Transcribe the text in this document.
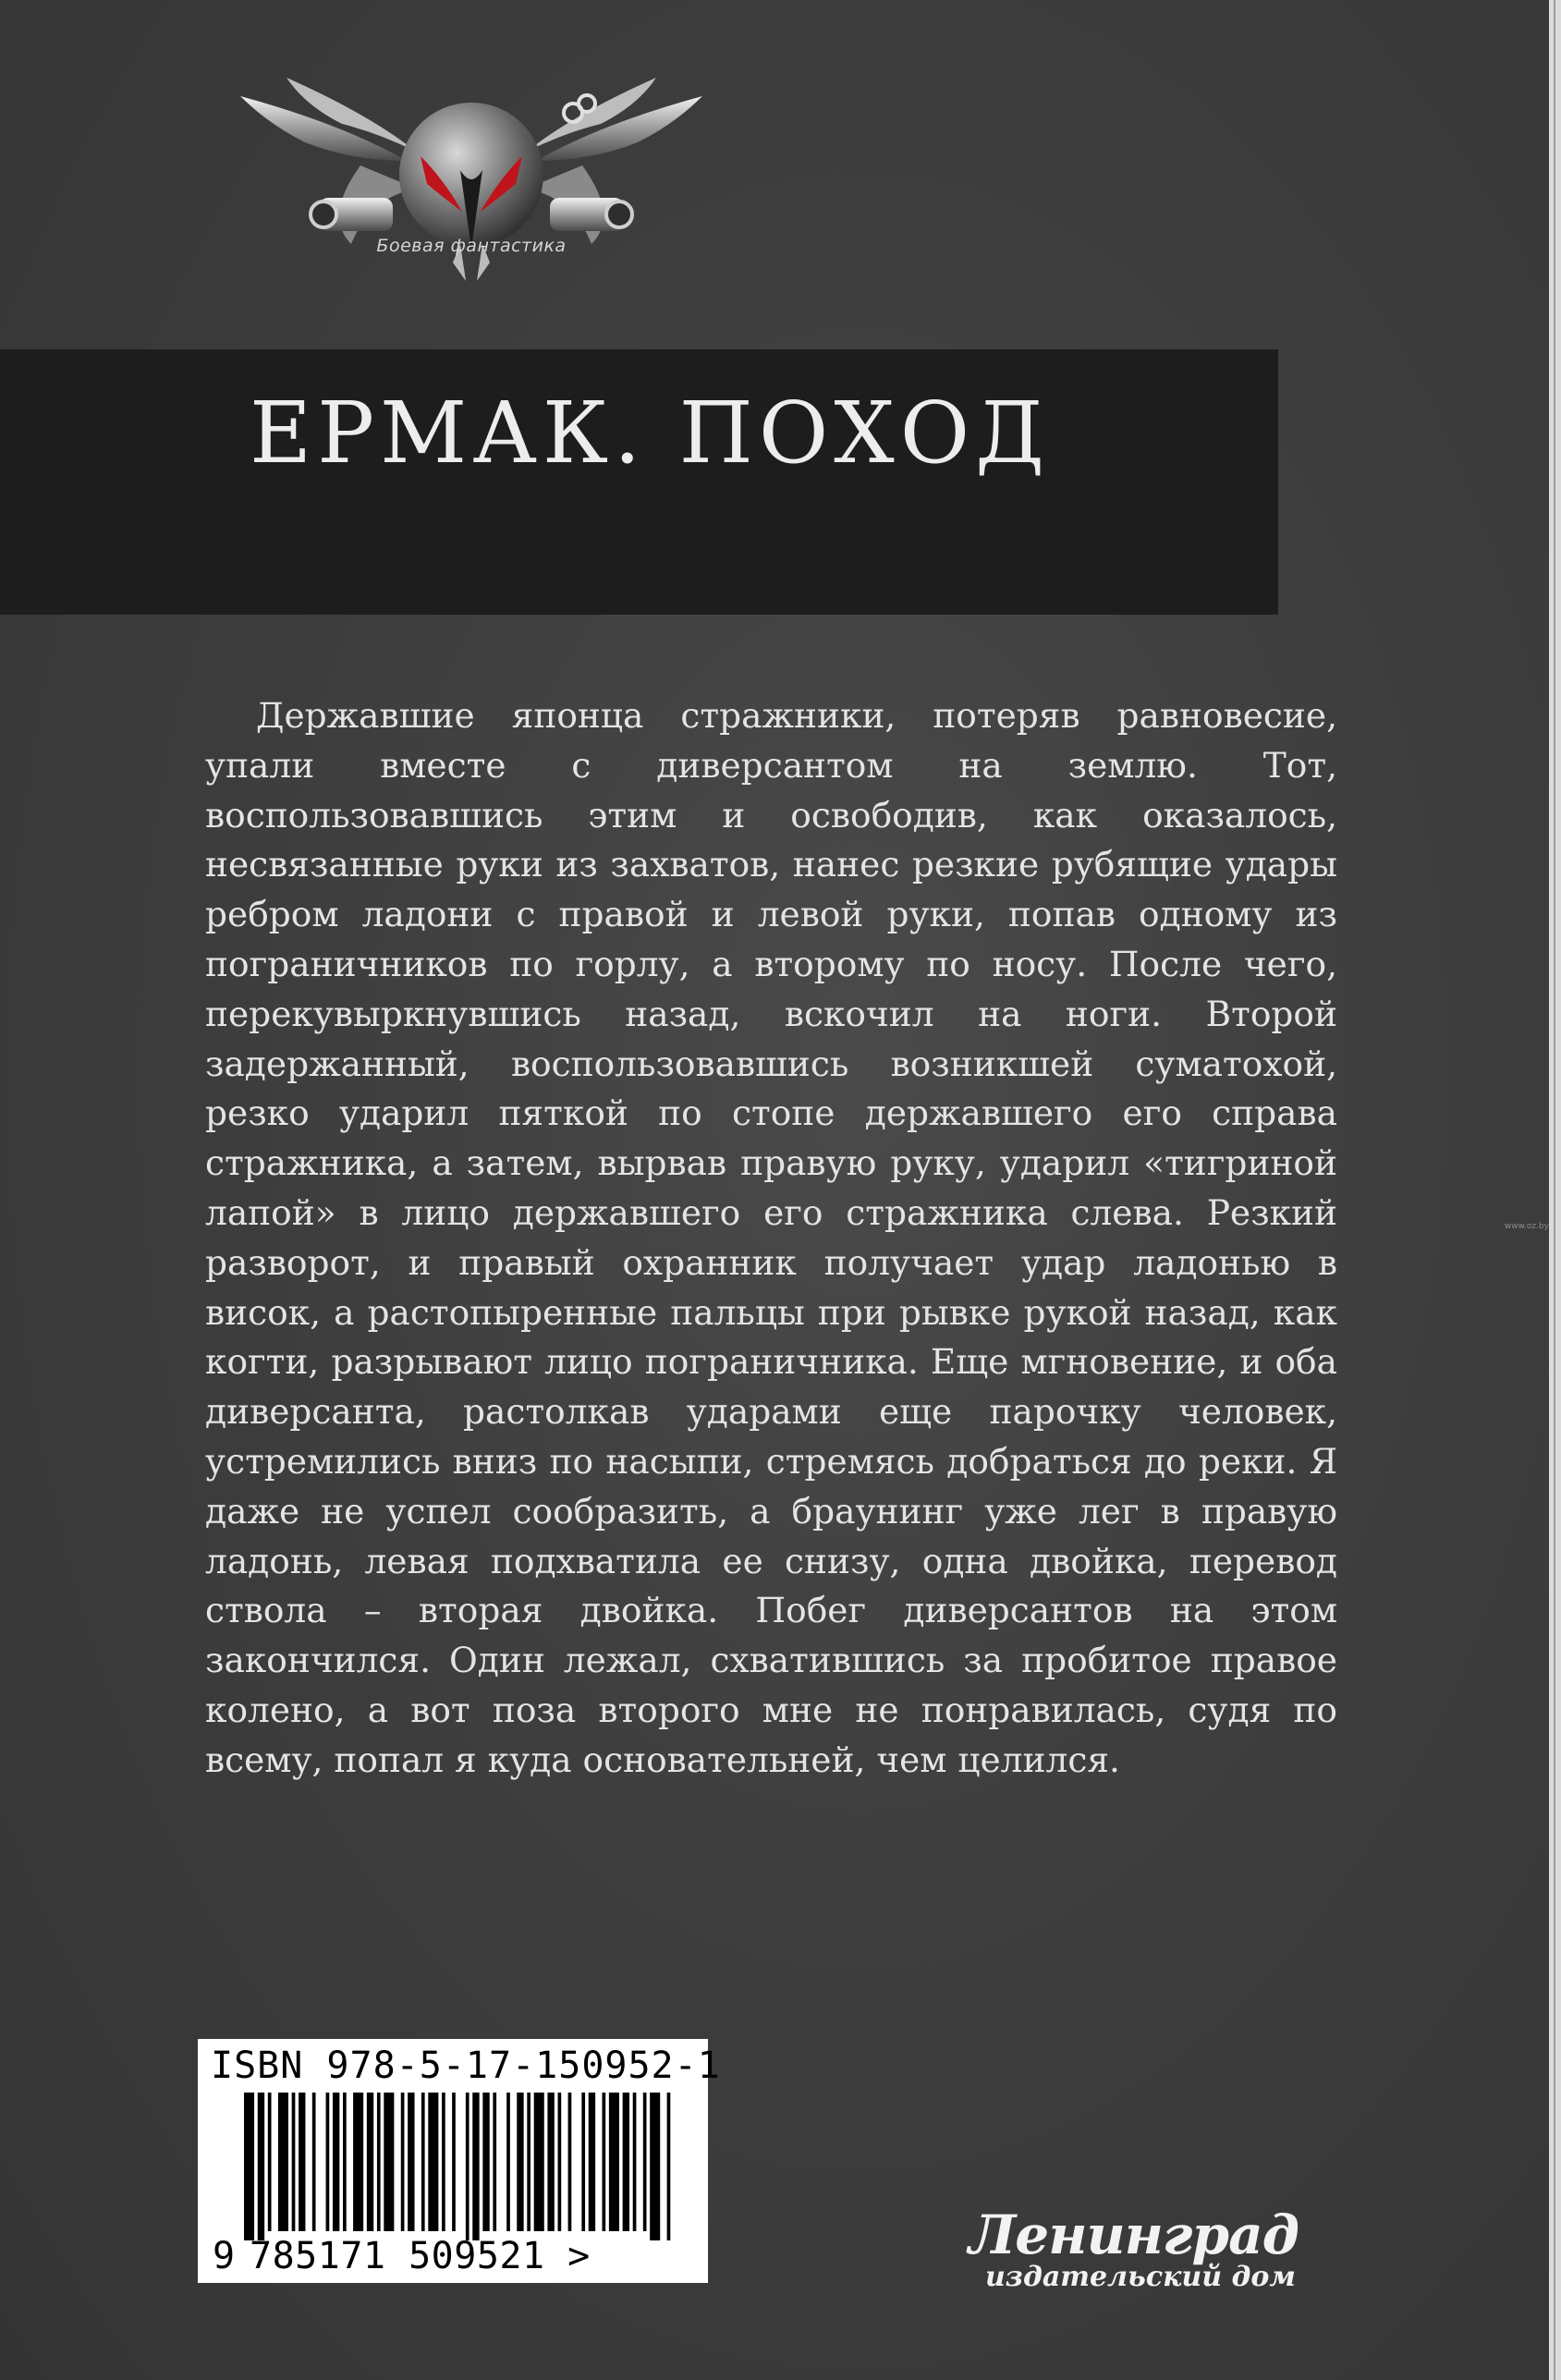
www.oz.by
Боевая фантастика
ЕРМАК. ПОХОД

Державшие японца стражники, потеряв равновесие, упали вместе с диверсантом на землю. Тот, воспользовавшись этим и освободив, как оказалось, несвязанные руки из захватов, нанес резкие рубящие удары ребром ладони с правой и левой руки, попав одному из пограничников по горлу, а второму по носу. После чего, перекувыркнувшись назад, вскочил на ноги. Второй задержанный, воспользовавшись возникшей суматохой, резко ударил пяткой по стопе державшего его справа стражника, а затем, вырвав правую руку, ударил «тигриной лапой» в лицо державшего его стражника слева. Резкий разворот, и правый охранник получает удар ладонью в висок, а растопыренные пальцы при рывке рукой назад, как когти, разрывают лицо пограничника. Еще мгновение, и оба диверсанта, растолкав ударами еще парочку человек, устремились вниз по насыпи, стремясь добраться до реки. Я даже не успел сообразить, а браунинг уже лег в правую ладонь, левая подхватила ее снизу, одна двойка, перевод ствола – вторая двойка. Побег диверсантов на этом закончился. Один лежал, схватившись за пробитое правое колено, а вот поза второго мне не понравилась, судя по всему, попал я куда основательней, чем целился.

ISBN 978-5-17-150952-1
9 785171 509521 >	Ленинград
издательский дом
